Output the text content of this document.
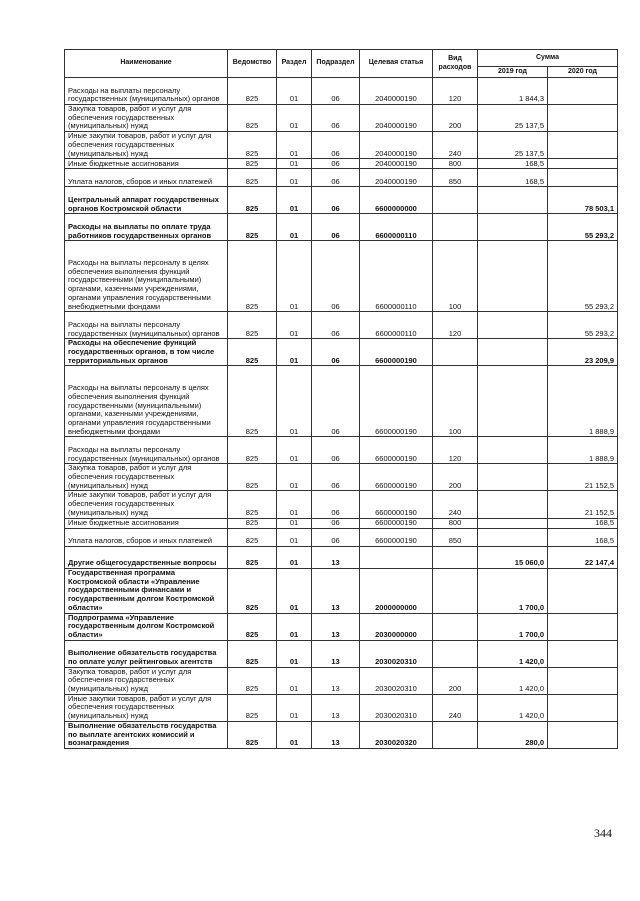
Наименование	Ведомство	Раздел	Подраздел	Целевая статья	Вид расходов	Сумма	
						2019 год	2020 год
Расходы на выплаты персоналу государственных (муниципальных) органов	825	01	06	2040000190	120	1 844,3	
Закупка товаров, работ и услуг для обеспечения государственных (муниципальных) нужд	825	01	06	2040000190	200	25 137,5	
Иные закупки товаров, работ и услуг для обеспечения государственных (муниципальных) нужд	825	01	06	2040000190	240	25 137,5	
Иные бюджетные ассигнования	825	01	06	2040000190	800	168,5	
Уплата налогов, сборов и иных платежей	825	01	06	2040000190	850	168,5	
Центральный аппарат государственных органов Костромской области	825	01	06	6600000000			78 503,1
Расходы на выплаты по оплате труда работников государственных органов	825	01	06	6600000110			55 293,2
Расходы на выплаты персоналу в целях обеспечения выполнения функций государственными (муниципальными) органами, казенными учреждениями, органами управления государственными внебюджетными фондами	825	01	06	6600000110	100		55 293,2
Расходы на выплаты персоналу государственных (муниципальных) органов	825	01	06	6600000110	120		55 293,2
Расходы на обеспечение функций государственных органов, в том числе территориальных органов	825	01	06	6600000190			23 209,9
Расходы на выплаты персоналу в целях обеспечения выполнения функций государственными (муниципальными) органами, казенными учреждениями, органами управления государственными внебюджетными фондами	825	01	06	6600000190	100		1 888,9
Расходы на выплаты персоналу государственных (муниципальных) органов	825	01	06	6600000190	120		1 888,9
Закупка товаров, работ и услуг для обеспечения государственных (муниципальных) нужд	825	01	06	6600000190	200		21 152,5
Иные закупки товаров, работ и услуг для обеспечения государственных (муниципальных) нужд	825	01	06	6600000190	240		21 152,5
Иные бюджетные ассигнования	825	01	06	6600000190	800		168,5
Уплата налогов, сборов и иных платежей	825	01	06	6600000190	850		168,5
Другие общегосударственные вопросы	825	01	13			15 060,0	22 147,4
Государственная программа Костромской области «Управление государственными финансами и государственным долгом Костромской области»	825	01	13	2000000000		1 700,0	
Подпрограмма «Управление государственным долгом Костромской области»	825	01	13	2030000000		1 700,0	
Выполнение обязательств государства по оплате услуг рейтинговых агентств	825	01	13	2030020310		1 420,0	
Закупка товаров, работ и услуг для обеспечения государственных (муниципальных) нужд	825	01	13	2030020310	200	1 420,0	
Иные закупки товаров, работ и услуг для обеспечения государственных (муниципальных) нужд	825	01	13	2030020310	240	1 420,0	
Выполнение обязательств государства по выплате агентских комиссий и вознаграждения	825	01	13	2030020320		280,0	
344
